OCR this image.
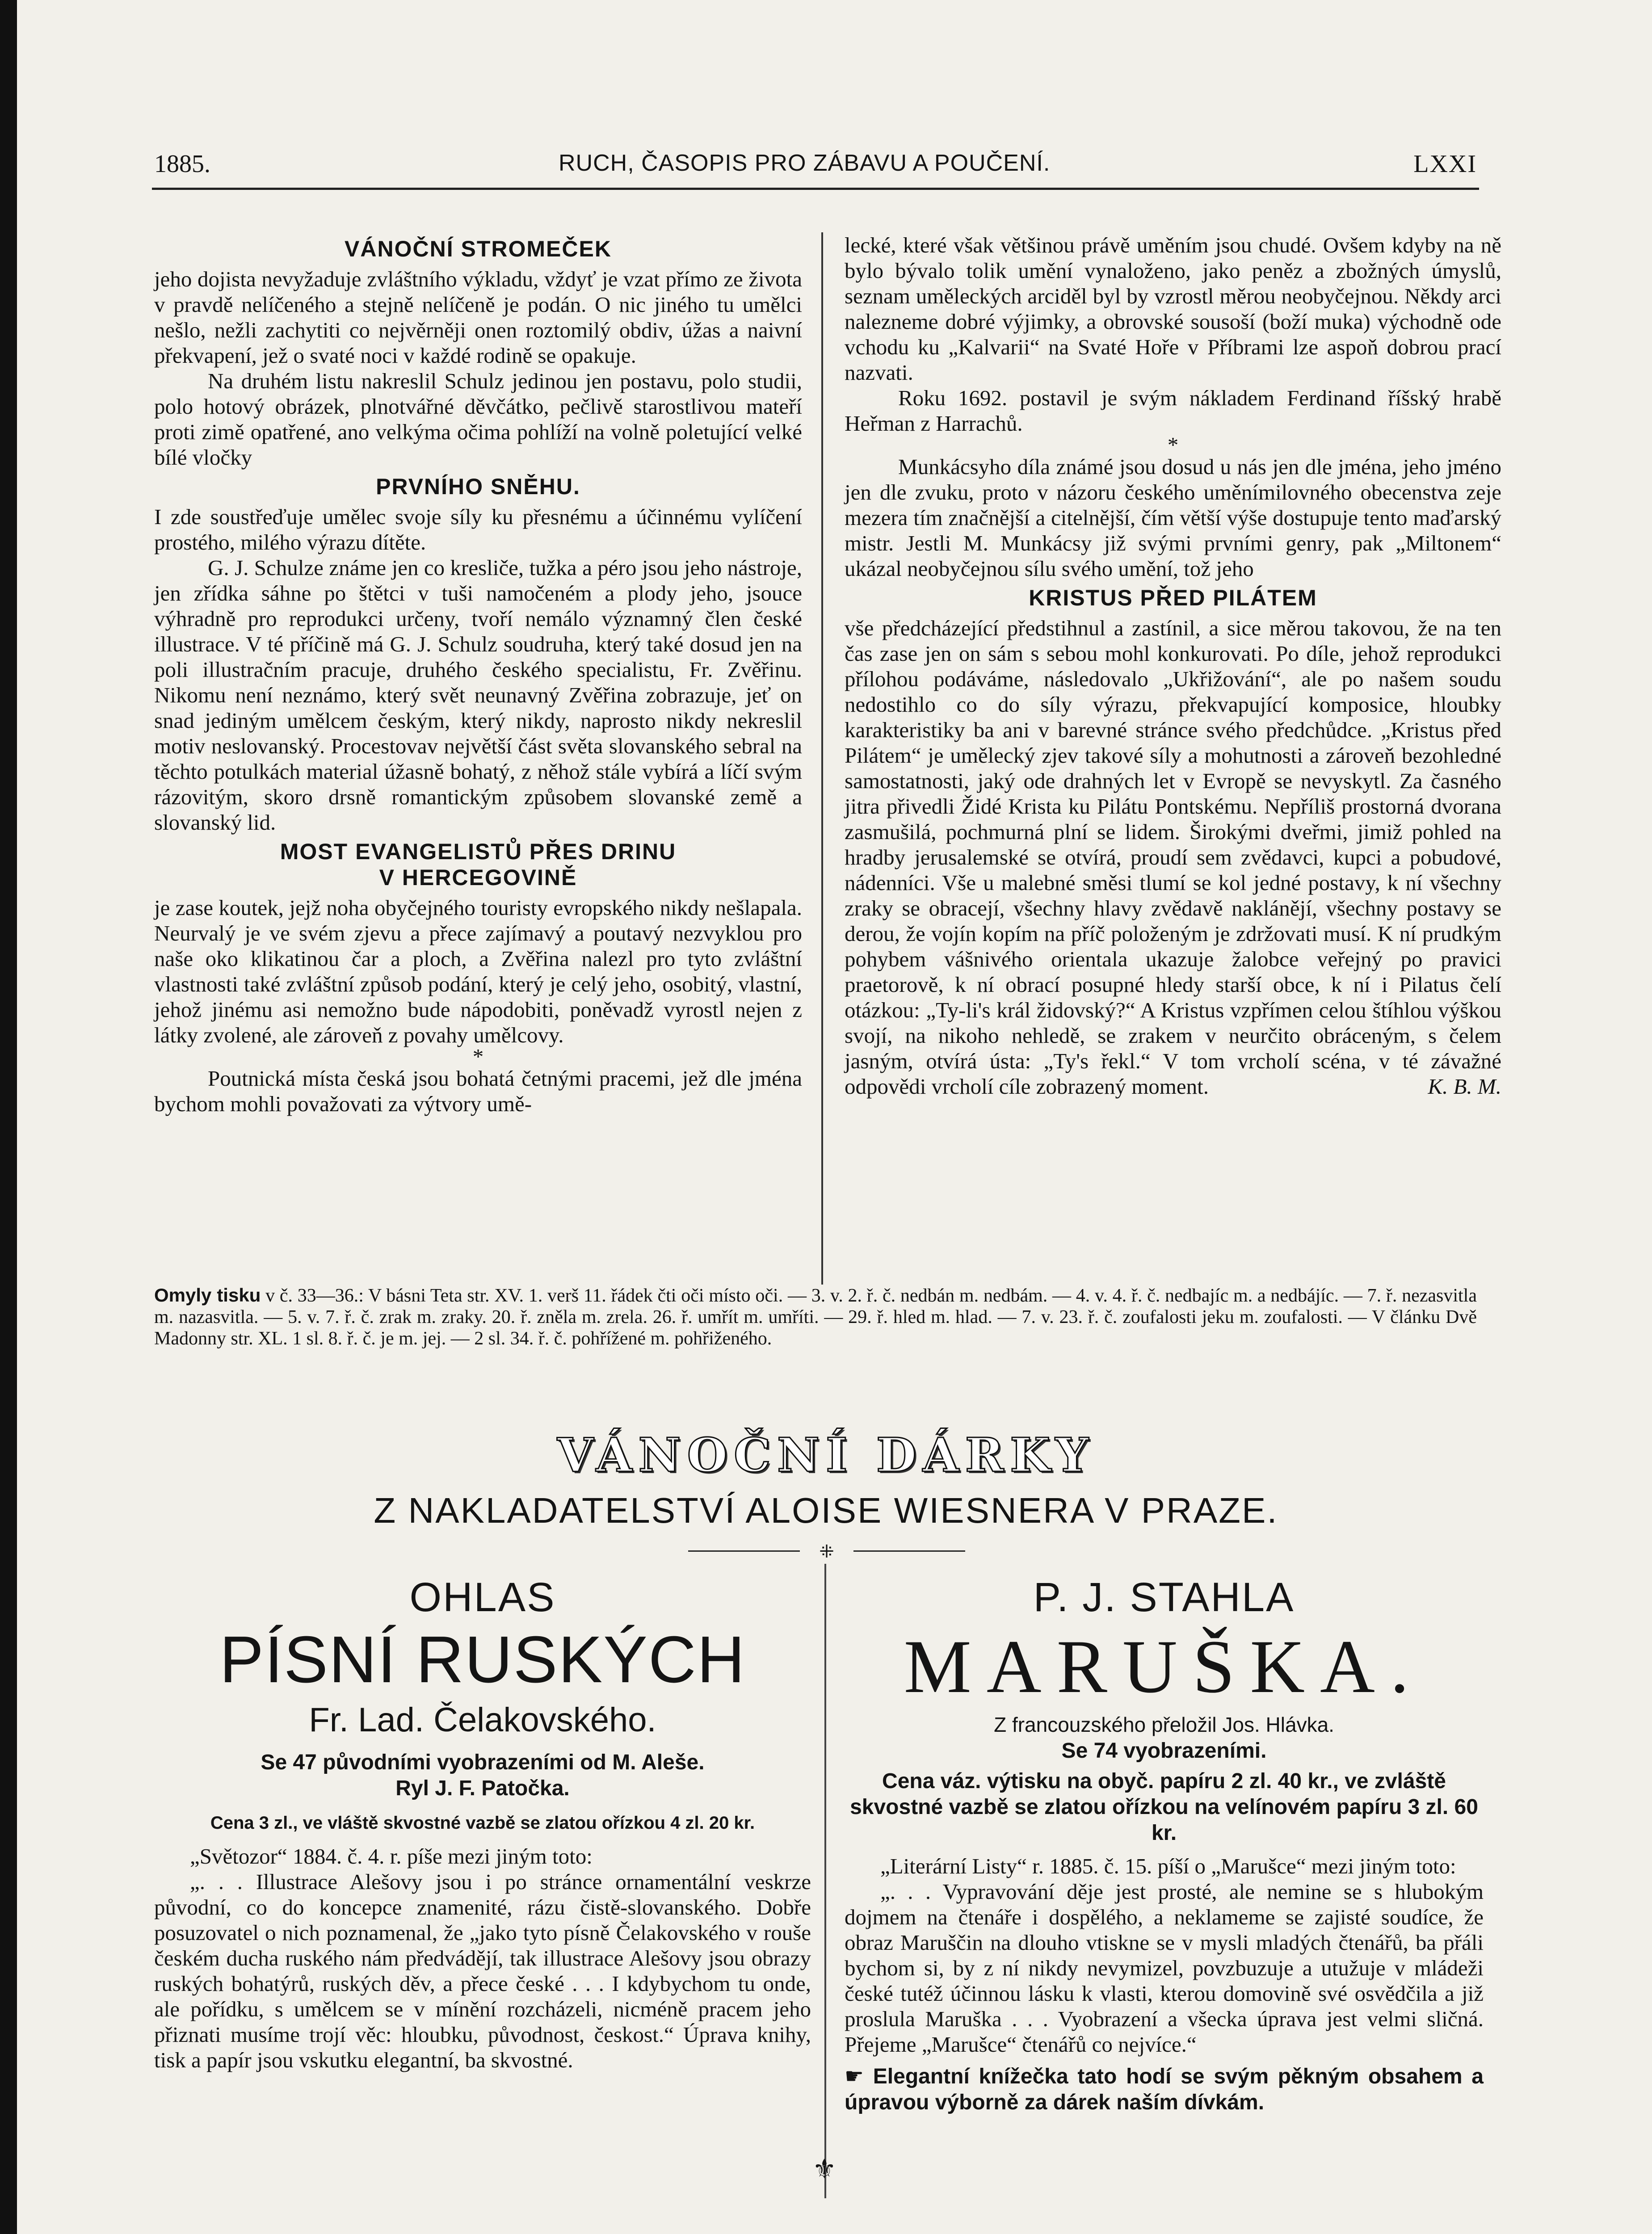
1885.	RUCH, ČASOPIS PRO ZÁBAVU A POUČENÍ.	LXXI
VÁNOČNÍ STROMEČEK

jeho dojista nevyžaduje zvláštního výkladu, vždyť je vzat přímo ze života v pravdě nelíčeného a stejně nelíčeně je podán. O nic jiného tu umělci nešlo, nežli zachytiti co nejvěrněji onen roztomilý obdiv, úžas a naivní překvapení, jež o svaté noci v každé rodině se opakuje.

Na druhém listu nakreslil Schulz jedinou jen postavu, polo studii, polo hotový obrázek, plnotvářné děvčátko, pečlivě starostlivou mateří proti zimě opatřené, ano velkýma očima pohlíží na volně poletující velké bílé vločky

PRVNÍHO SNĚHU.

I zde soustřeďuje umělec svoje síly ku přesnému a účinnému vylíčení prostého, milého výrazu dítěte.

G. J. Schulze známe jen co kresliče, tužka a péro jsou jeho nástroje, jen zřídka sáhne po štětci v tuši namočeném a plody jeho, jsouce výhradně pro reprodukci určeny, tvoří nemálo významný člen české illustrace. V té příčině má G. J. Schulz soudruha, který také dosud jen na poli illustračním pracuje, druhého českého specialistu, Fr. Zvěřinu. Nikomu není neznámo, který svět neunavný Zvěřina zobrazuje, jeť on snad jediným umělcem českým, který nikdy, naprosto nikdy nekreslil motiv neslovanský. Procestovav největší část světa slovanského sebral na těchto potulkách material úžasně bohatý, z něhož stále vybírá a líčí svým rázovitým, skoro drsně romantickým způsobem slovanské země a slovanský lid.

MOST EVANGELISTŮ PŘES DRINU
V HERCEGOVINĚ

je zase koutek, jejž noha obyčejného touristy evropského nikdy nešlapala. Neurvalý je ve svém zjevu a přece zajímavý a poutavý nezvyklou pro naše oko klikatinou čar a ploch, a Zvěřina nalezl pro tyto zvláštní vlastnosti také zvláštní způsob podání, který je celý jeho, osobitý, vlastní, jehož jinému asi nemožno bude nápodobiti, poněvadž vyrostl nejen z látky zvolené, ale zároveň z povahy umělcovy.

*

Poutnická místa česká jsou bohatá četnými pracemi, jež dle jména bychom mohli považovati za výtvory umě-

lecké, které však většinou právě uměním jsou chudé. Ovšem kdyby na ně bylo bývalo tolik umění vynaloženo, jako peněz a zbožných úmyslů, seznam uměleckých arciděl byl by vzrostl měrou neobyčejnou. Někdy arci nalezneme dobré výjimky, a obrovské sousoší (boží muka) východně ode vchodu ku „Kalvarii“ na Svaté Hoře v Příbrami lze aspoň dobrou prací nazvati.

Roku 1692. postavil je svým nákladem Ferdinand říšský hrabě Heřman z Harrachů.

*

Munkácsyho díla známé jsou dosud u nás jen dle jména, jeho jméno jen dle zvuku, proto v názoru českého uměnímilovného obecenstva zeje mezera tím značnější a citelnější, čím větší výše dostupuje tento maďarský mistr. Jestli M. Munkácsy již svými prvními genry, pak „Miltonem“ ukázal neobyčejnou sílu svého umění, tož jeho

KRISTUS PŘED PILÁTEM

vše předcházející předstihnul a zastínil, a sice měrou takovou, že na ten čas zase jen on sám s sebou mohl konkurovati. Po díle, jehož reprodukci přílohou podáváme, následovalo „Ukřižování“, ale po našem soudu nedostihlo co do síly výrazu, překvapující komposice, hloubky karakteristiky ba ani v barevné stránce svého předchůdce. „Kristus před Pilátem“ je umělecký zjev takové síly a mohutnosti a zároveň bezohledné samostatnosti, jaký ode drahných let v Evropě se nevyskytl. Za časného jitra přivedli Židé Krista ku Pilátu Pontskému. Nepříliš prostorná dvorana zasmušilá, pochmurná plní se lidem. Širokými dveřmi, jimiž pohled na hradby jerusalemské se otvírá, proudí sem zvědavci, kupci a pobudové, nádenníci. Vše u malebné směsi tlumí se kol jedné postavy, k ní všechny zraky se obracejí, všechny hlavy zvědavě naklánějí, všechny postavy se derou, že vojín kopím na příč položeným je zdržovati musí. K ní prudkým pohybem vášnivého orientala ukazuje žalobce veřejný po pravici praetorově, k ní obrací posupné hledy starší obce, k ní i Pilatus čelí otázkou: „Ty-li's král židovský?“ A Kristus vzpřímen celou štíhlou výškou svojí, na nikoho nehledě, se zrakem v neurčito obráceným, s čelem jasným, otvírá ústa: „Ty's řekl.“ V tom vrcholí scéna, v té závažné odpovědi vrcholí cíle zobrazený moment.	K. B. M.

Omyly tisku v č. 33—36.: V básni Teta str. XV. 1. verš 11. řádek čti oči místo oči. — 3. v. 2. ř. č. nedbán m. nedbám. — 4. v. 4. ř. č. nedbajíc m. a nedbájíc. — 7. ř. nezasvitla m. nazasvitla. — 5. v. 7. ř. č. zrak m. zraky. 20. ř. zněla m. zrela. 26. ř. umřít m. umříti. — 29. ř. hled m. hlad. — 7. v. 23. ř. č. zoufalosti jeku m. zoufalosti. — V článku Dvě Madonny str. XL. 1 sl. 8. ř. č. je m. jej. — 2 sl. 34. ř. č. pohřížené m. pohřiženého.
VÁNOČNÍ DÁRKY
Z NAKLADATELSTVÍ ALOISE WIESNERA V PRAZE.
⁜
OHLAS
PÍSNÍ RUSKÝCH
Fr. Lad. Čelakovského.
Se 47 původními vyobrazeními od M. Aleše.
Ryl J. F. Patočka.
Cena 3 zl., ve vláště skvostné vazbě se zlatou ořízkou 4 zl. 20 kr.
„Světozor“ 1884. č. 4. r. píše mezi jiným toto:
„. . . Illustrace Alešovy jsou i po stránce ornamentální veskrze původní, co do koncepce znamenité, rázu čistě-slovanského. Dobře posuzovatel o nich poznamenal, že „jako tyto písně Čelakovského v rouše českém ducha ruského nám předvádějí, tak illustrace Alešovy jsou obrazy ruských bohatýrů, ruských děv, a přece české . . . I kdybychom tu onde, ale pořídku, s umělcem se v mínění rozcházeli, nicméně pracem jeho přiznati musíme trojí věc: hloubku, původnost, českost.“ Úprava knihy, tisk a papír jsou vskutku elegantní, ba skvostné.
⚜
P. J. STAHLA
MARUŠKA.
Z francouzského přeložil Jos. Hlávka.
Se 74 vyobrazeními.
Cena váz. výtisku na obyč. papíru 2 zl. 40 kr., ve zvláště skvostné vazbě se zlatou ořízkou na velínovém papíru 3 zl. 60 kr.
„Literární Listy“ r. 1885. č. 15. píší o „Marušce“ mezi jiným toto:
„. . . Vypravování děje jest prosté, ale nemine se s hlubokým dojmem na čtenáře i dospělého, a neklameme se zajisté soudíce, že obraz Maruščin na dlouho vtiskne se v mysli mladých čtenářů, ba přáli bychom si, by z ní nikdy nevymizel, povzbuzuje a utužuje v mládeži české tutéž účinnou lásku k vlasti, kterou domovině své osvědčila a již proslula Maruška . . . Vyobrazení a všecka úprava jest velmi sličná. Přejeme „Marušce“ čtenářů co nejvíce.“
☛ Elegantní knížečka tato hodí se svým pěkným obsahem a úpravou výborně za dárek naším dívkám.
